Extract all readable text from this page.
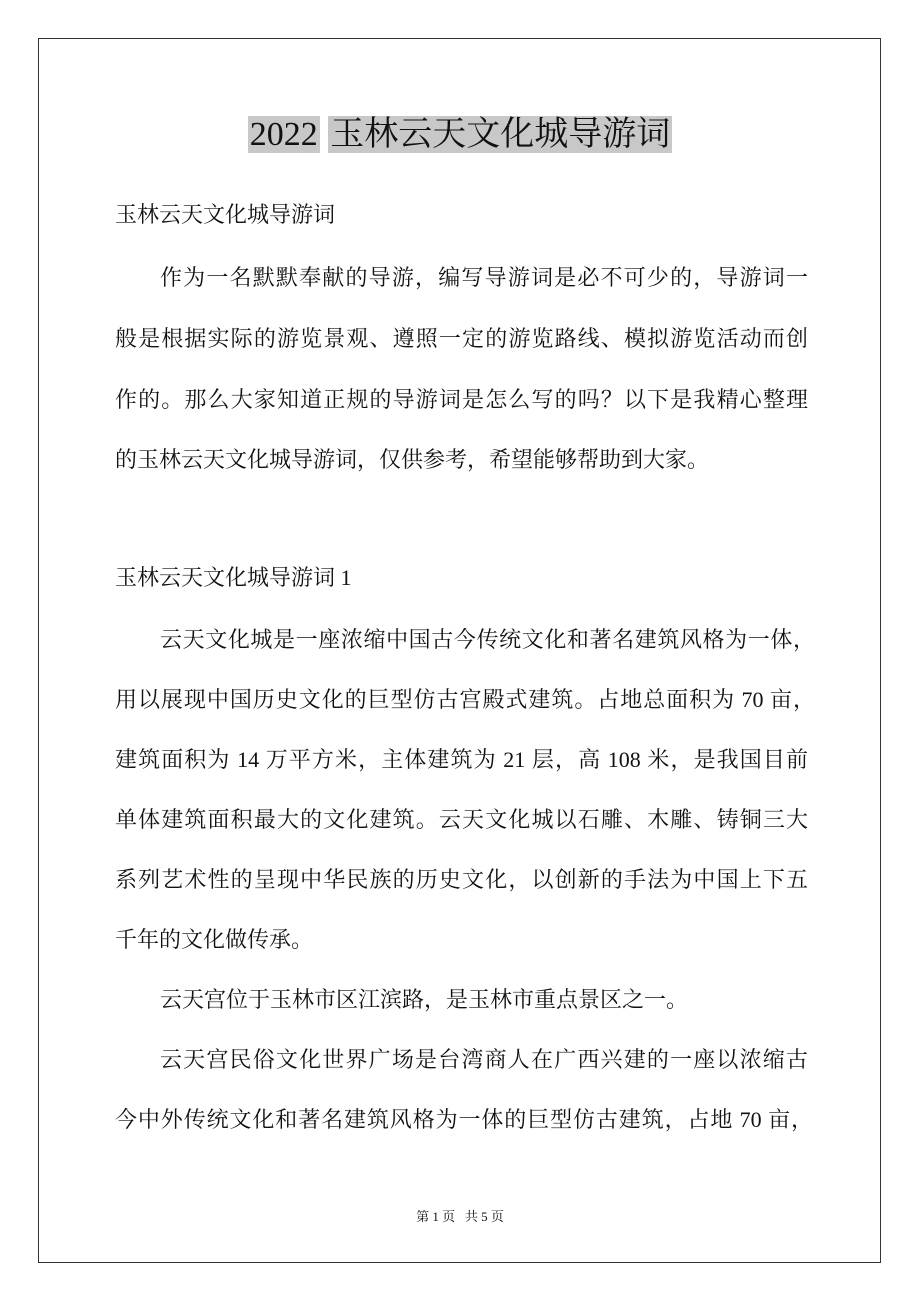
2022 玉林云天文化城导游词
玉林云天文化城导游词
作为一名默默奉献的导游，编写导游词是必不可少的，导游词一
般是根据实际的游览景观、遵照一定的游览路线、模拟游览活动而创
作的。那么大家知道正规的导游词是怎么写的吗？以下是我精心整理
的玉林云天文化城导游词，仅供参考，希望能够帮助到大家。
玉林云天文化城导游词 1
云天文化城是一座浓缩中国古今传统文化和著名建筑风格为一体，
用以展现中国历史文化的巨型仿古宫殿式建筑。占地总面积为 70 亩，
建筑面积为 14 万平方米，主体建筑为 21 层，高 108 米，是我国目前
单体建筑面积最大的文化建筑。云天文化城以石雕、木雕、铸铜三大
系列艺术性的呈现中华民族的历史文化，以创新的手法为中国上下五
千年的文化做传承。
云天宫位于玉林市区江滨路，是玉林市重点景区之一。
云天宫民俗文化世界广场是台湾商人在广西兴建的一座以浓缩古
今中外传统文化和著名建筑风格为一体的巨型仿古建筑，占地 70 亩，
第 1 页 共 5 页
